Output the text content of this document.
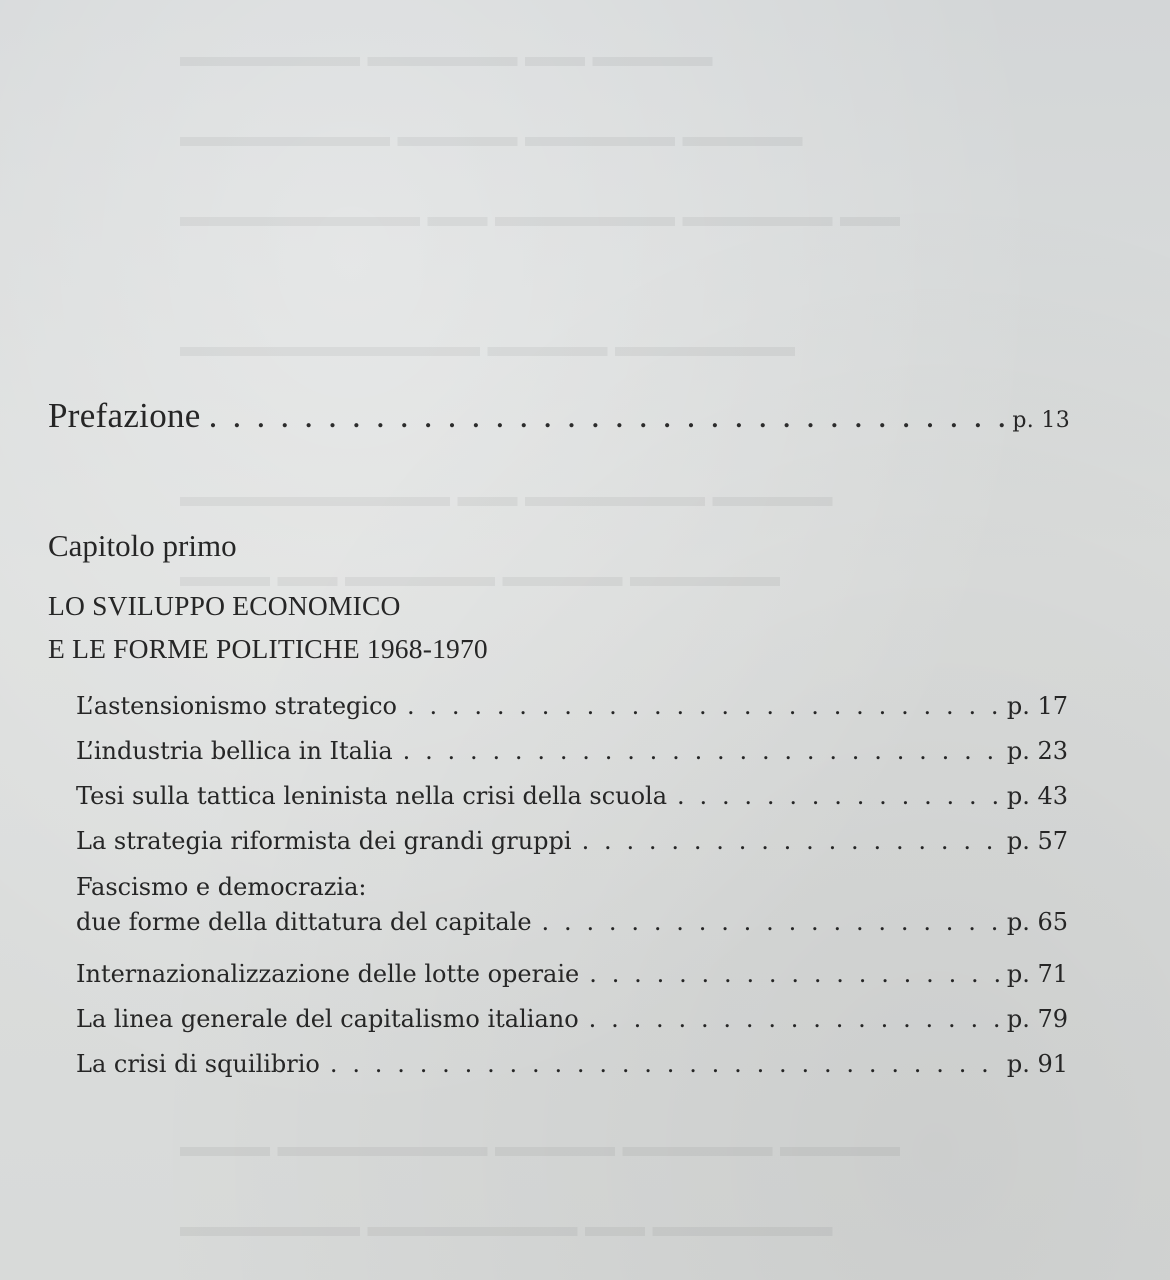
▬▬▬▬ ▬▬ ▬▬▬▬▬ ▬▬▬▬▬▬
▬▬▬▬ ▬▬▬▬▬ ▬▬▬▬ ▬▬▬▬▬▬▬
▬▬ ▬▬▬▬▬ ▬▬▬▬▬▬ ▬▬ ▬▬▬▬▬▬▬▬
▬▬▬▬▬▬ ▬▬▬▬ ▬▬▬▬▬▬▬▬▬▬
▬▬▬▬ ▬▬▬▬▬▬ ▬▬ ▬▬▬▬▬▬▬▬▬
▬▬▬▬▬ ▬▬▬▬ ▬▬▬▬▬ ▬▬ ▬▬▬
▬▬▬▬ ▬▬▬▬▬ ▬▬▬▬ ▬▬▬▬▬▬▬ ▬▬▬
▬▬▬▬▬▬ ▬▬ ▬▬▬▬▬▬▬ ▬▬▬▬▬▬
Prefazione . . .	p. 13
Capitolo primo
LO SVILUPPO ECONOMICO
E LE FORME POLITICHE 1968-1970
L’astensionismo strategico . . .	p. 17
L’industria bellica in Italia . . .	p. 23
Tesi sulla tattica leninista nella crisi della scuola . . .	p. 43
La strategia riformista dei grandi gruppi . . .	p. 57
Fascismo e democrazia:
due forme della dittatura del capitale . . .	p. 65
Internazionalizzazione delle lotte operaie . . .	p. 71
La linea generale del capitalismo italiano . . .	p. 79
La crisi di squilibrio . . .	p. 91
